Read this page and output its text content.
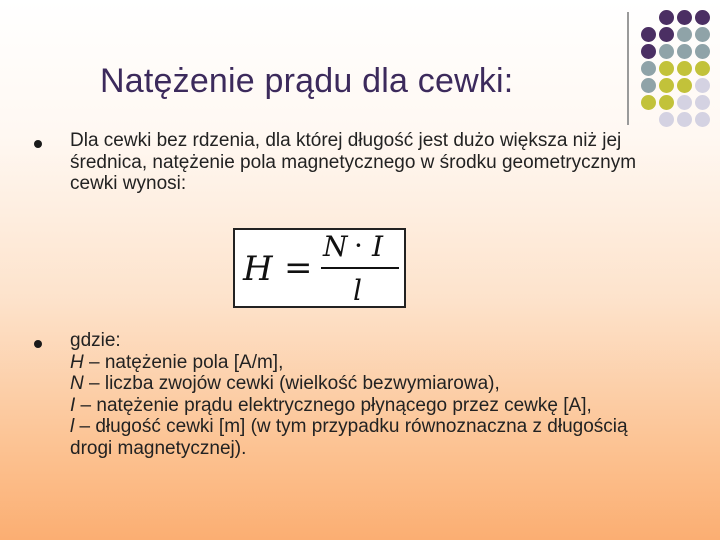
Natężenie prądu dla cewki:

Dla cewki bez rdzenia, dla której długość jest dużo większa niż jej średnica, natężenie pola magnetycznego w środku geometrycznym cewki wynosi:

H =
N · I
l

gdzie:

H – natężenie pola [A/m],

N – liczba zwojów cewki (wielkość bezwymiarowa),

I – natężenie prądu elektrycznego płynącego przez cewkę [A],

l – długość cewki [m] (w tym przypadku równoznaczna z długością drogi magnetycznej).
